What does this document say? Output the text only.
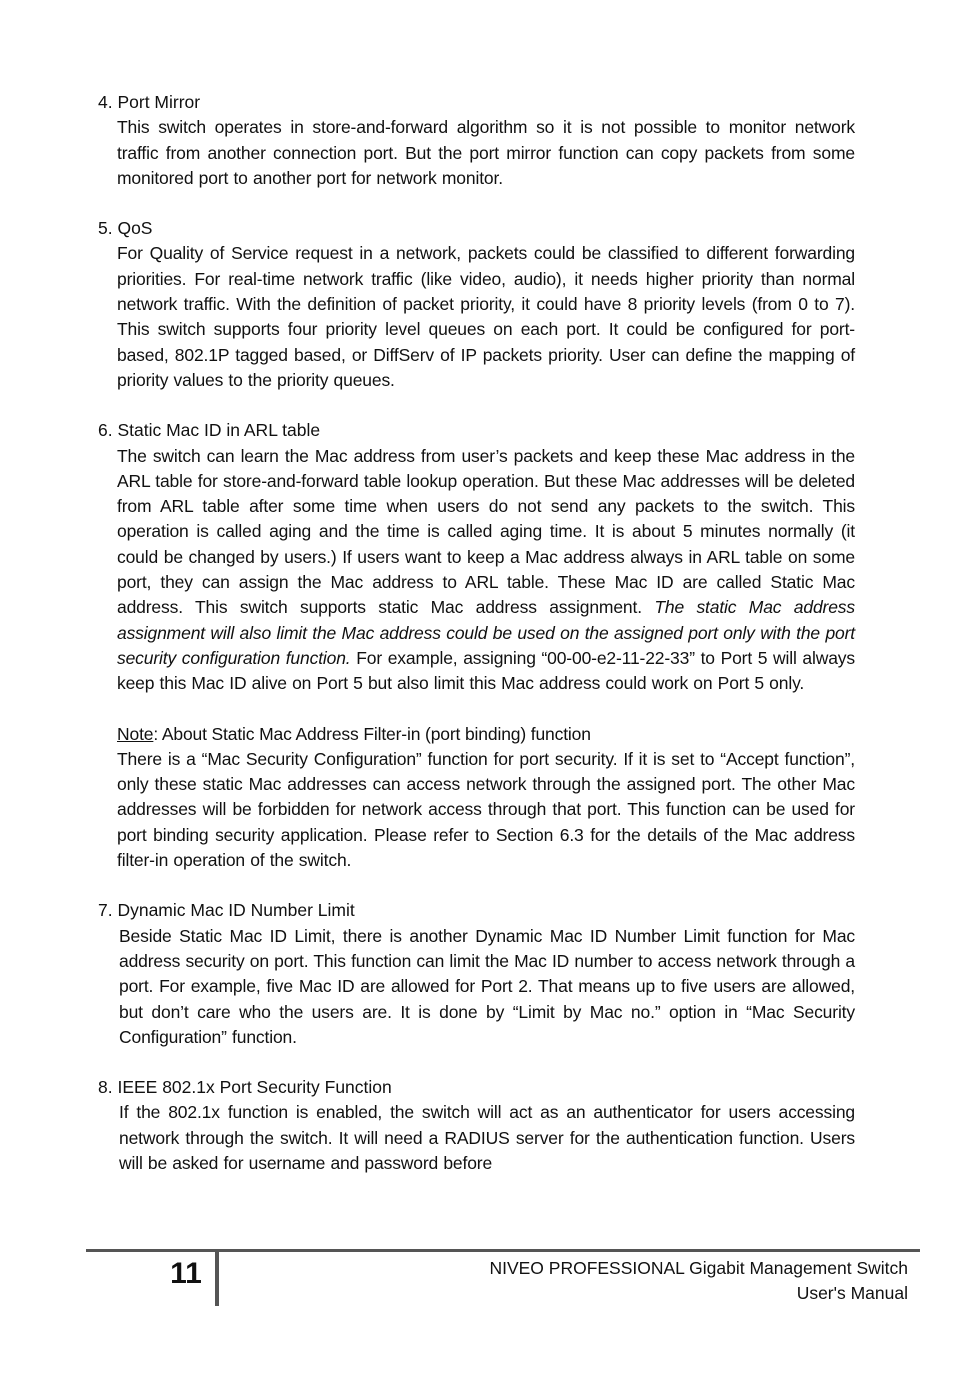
4. Port Mirror

This switch operates in store-and-forward algorithm so it is not possible to monitor network traffic from another connection port. But the port mirror function can copy packets from some monitored port to another port for network monitor.

5. QoS

For Quality of Service request in a network, packets could be classified to different forwarding priorities. For real-time network traffic (like video, audio), it needs higher priority than normal network traffic. With the definition of packet priority, it could have 8 priority levels (from 0 to 7). This switch supports four priority level queues on each port. It could be configured for port-based, 802.1P tagged based, or DiffServ of IP packets priority. User can define the mapping of priority values to the priority queues.

6. Static Mac ID in ARL table

The switch can learn the Mac address from user’s packets and keep these Mac address in the ARL table for store-and-forward table lookup operation. But these Mac addresses will be deleted from ARL table after some time when users do not send any packets to the switch. This operation is called aging and the time is called aging time. It is about 5 minutes normally (it could be changed by users.) If users want to keep a Mac address always in ARL table on some port, they can assign the Mac address to ARL table. These Mac ID are called Static Mac address. This switch supports static Mac address assignment. The static Mac address assignment will also limit the Mac address could be used on the assigned port only with the port security configuration function. For example, assigning “00-00-e2-11-22-33” to Port 5 will always keep this Mac ID alive on Port 5 but also limit this Mac address could work on Port 5 only.

Note: About Static Mac Address Filter-in (port binding) function

There is a “Mac Security Configuration” function for port security. If it is set to “Accept function”, only these static Mac addresses can access network through the assigned port. The other Mac addresses will be forbidden for network access through that port. This function can be used for port binding security application. Please refer to Section 6.3 for the details of the Mac address filter-in operation of the switch.

7. Dynamic Mac ID Number Limit

Beside Static Mac ID Limit, there is another Dynamic Mac ID Number Limit function for Mac address security on port. This function can limit the Mac ID number to access network through a port. For example, five Mac ID are allowed for Port 2. That means up to five users are allowed, but don’t care who the users are. It is done by “Limit by Mac no.” option in “Mac Security Configuration” function.

8. IEEE 802.1x Port Security Function

If the 802.1x function is enabled, the switch will act as an authenticator for users accessing network through the switch. It will need a RADIUS server for the authentication function. Users will be asked for username and password before

11	NIVEO PROFESSIONAL Gigabit Management Switch
User's Manual
